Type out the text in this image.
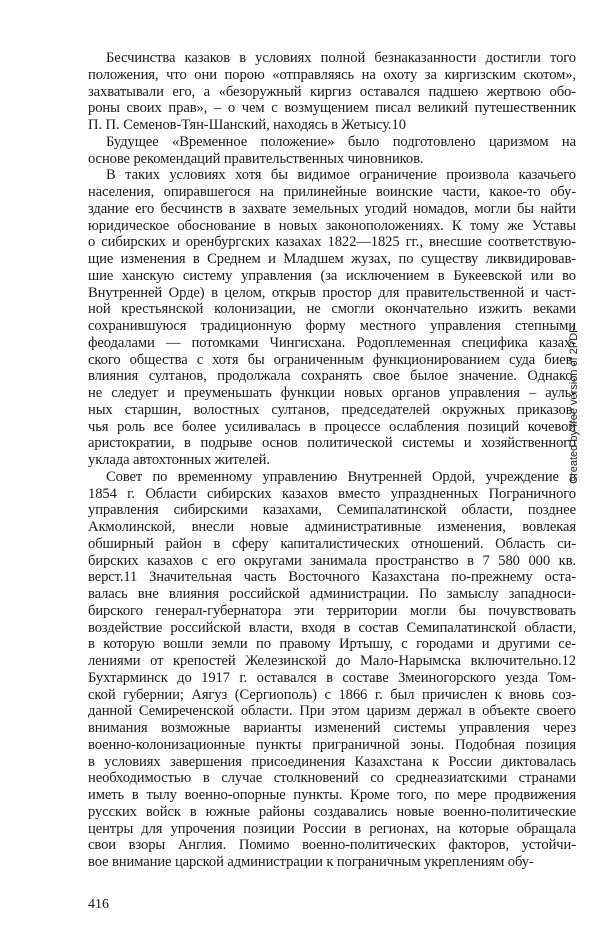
Бесчинства казаков в условиях полной безнаказанности достигли того
положения, что они порою «отправляясь на охоту за киргизским скотом»,
захватывали его, а «безоружный киргиз оставался падшею жертвою обо-
роны своих прав», – о чем с возмущением писал великий путешественник
П. П. Семенов-Тян-Шанский, находясь в Жетысу.10
Будущее «Временное положение» было подготовлено царизмом на
основе рекомендаций правительственных чиновников.
В таких условиях хотя бы видимое ограничение произвола казачьего
населения, опиравшегося на прилинейные воинские части, какое-то обу-
здание его бесчинств в захвате земельных угодий номадов, могли бы найти
юридическое обоснование в новых законоположениях. К тому же Уставы
о сибирских и оренбургских казахах 1822—1825 гг., внесшие соответствую-
щие изменения в Среднем и Младшем жузах, по существу ликвидировав-
шие ханскую систему управления (за исключением в Букеевской или во
Внутренней Орде) в целом, открыв простор для правительственной и част-
ной крестьянской колонизации, не смогли окончательно изжить веками
сохранившуюся традиционную форму местного управления степными
феодалами — потомками Чингисхана. Родоплеменная специфика казах-
ского общества с хотя бы ограниченным функционированием суда биев,
влияния султанов, продолжала сохранять свое былое значение. Однако,
не следует и преуменьшать функции новых органов управления – ауль-
ных старшин, волостных султанов, председателей окружных приказов,
чья роль все более усиливалась в процессе ослабления позиций кочевой
аристократии, в подрыве основ политической системы и хозяйственного
уклада автохтонных жителей.
Совет по временному управлению Внутренней Ордой, учреждение в
1854 г. Области сибирских казахов вместо упраздненных Пограничного
управления сибирскими казахами, Семипалатинской области, позднее
Акмолинской, внесли новые административные изменения, вовлекая
обширный район в сферу капиталистических отношений. Область си-
бирских казахов с его округами занимала пространство в 7 580 000 кв.
верст.11 Значительная часть Восточного Казахстана по-прежнему оста-
валась вне влияния российской администрации. По замыслу западноси-
бирского генерал-губернатора эти территории могли бы почувствовать
воздействие российской власти, входя в состав Семипалатинской области,
в которую вошли земли по правому Иртышу, с городами и другими се-
лениями от крепостей Железинской до Мало-Нарымска включительно.12
Бухтарминск до 1917 г. оставался в составе Змеиногорского уезда Том-
ской губернии; Аягуз (Сергиополь) с 1866 г. был причислен к вновь соз-
данной Семиреченской области. При этом царизм держал в объекте своего
внимания возможные варианты изменений системы управления через
военно-колонизационные пункты приграничной зоны. Подобная позиция
в условиях завершения присоединения Казахстана к России диктовалась
необходимостью в случае столкновений со среднеазиатскими странами
иметь в тылу военно-опорные пункты. Кроме того, по мере продвижения
русских войск в южные районы создавались новые военно-политические
центры для упрочения позиции России в регионах, на которые обращала
свои взоры Англия. Помимо военно-политических факторов, устойчи-
вое внимание царской администрации к пограничным укреплениям обу-
416
Created by free version of 2PDF
